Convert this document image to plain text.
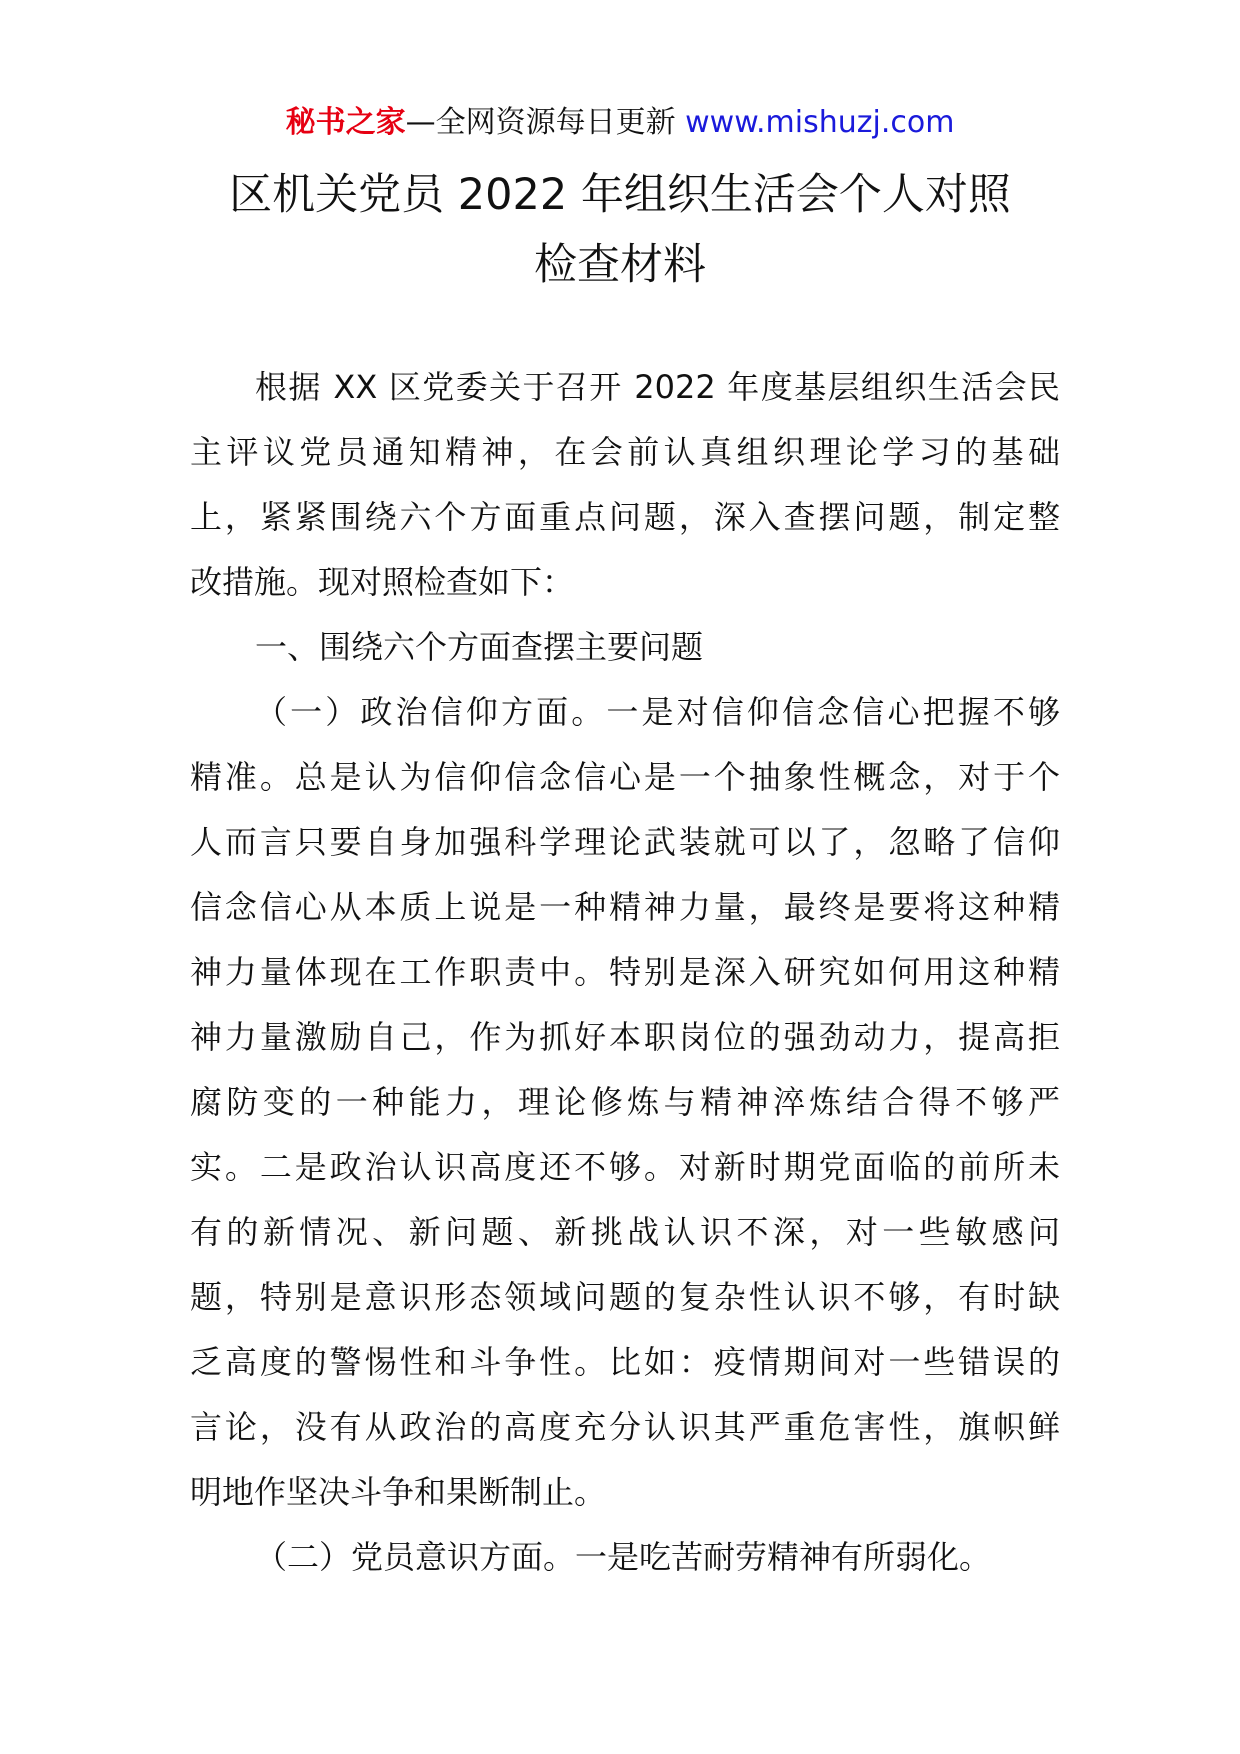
秘书之家—全网资源每日更新 www.mishuzj.com
区机关党员 2022 年组织生活会个人对照
检查材料
根据 XX 区党委关于召开 2022 年度基层组织生活会民
主评议党员通知精神，在会前认真组织理论学习的基础
上，紧紧围绕六个方面重点问题，深入查摆问题，制定整
改措施。现对照检查如下：
一、围绕六个方面查摆主要问题
（一）政治信仰方面。一是对信仰信念信心把握不够
精准。总是认为信仰信念信心是一个抽象性概念，对于个
人而言只要自身加强科学理论武装就可以了，忽略了信仰
信念信心从本质上说是一种精神力量，最终是要将这种精
神力量体现在工作职责中。特别是深入研究如何用这种精
神力量激励自己，作为抓好本职岗位的强劲动力，提高拒
腐防变的一种能力，理论修炼与精神淬炼结合得不够严
实。二是政治认识高度还不够。对新时期党面临的前所未
有的新情况、新问题、新挑战认识不深，对一些敏感问
题，特别是意识形态领域问题的复杂性认识不够，有时缺
乏高度的警惕性和斗争性。比如：疫情期间对一些错误的
言论，没有从政治的高度充分认识其严重危害性，旗帜鲜
明地作坚决斗争和果断制止。
（二）党员意识方面。一是吃苦耐劳精神有所弱化。
